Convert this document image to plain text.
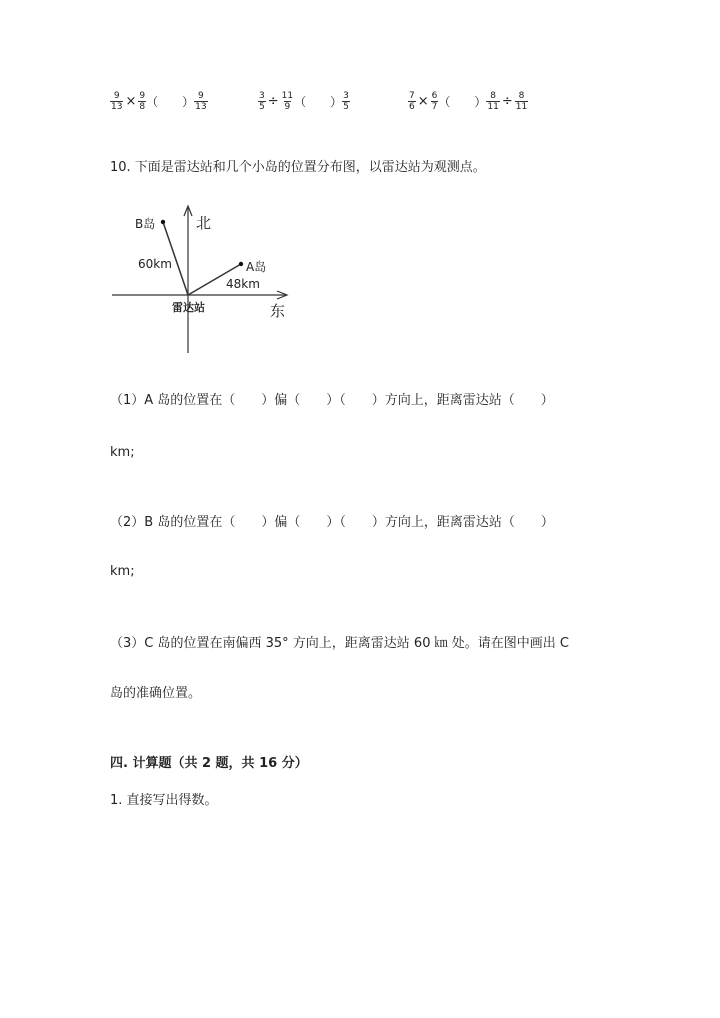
$\frac{9}{13} \times \frac{9}{8}$ （　　） $\frac{9}{13}$	$\frac{3}{5} \div \frac{11}{9}$ （　　） $\frac{3}{5}$	$\frac{7}{6} \times \frac{6}{7}$ （　　） $\frac{8}{11} \div \frac{8}{11}$
10. 下面是雷达站和几个小岛的位置分布图，以雷达站为观测点。
北
东
雷达站
B岛
60km	A岛
48km
（1）A 岛的位置在（　　）偏（　　）（　　）方向上，距离雷达站（　　）
km;
（2）B 岛的位置在（　　）偏（　　）（　　）方向上，距离雷达站（　　）
km;
（3）C 岛的位置在南偏西 35° 方向上，距离雷达站 60 ㎞ 处。请在图中画出 C
岛的准确位置。
四. 计算题（共 2 题，共 16 分）
1. 直接写出得数。
